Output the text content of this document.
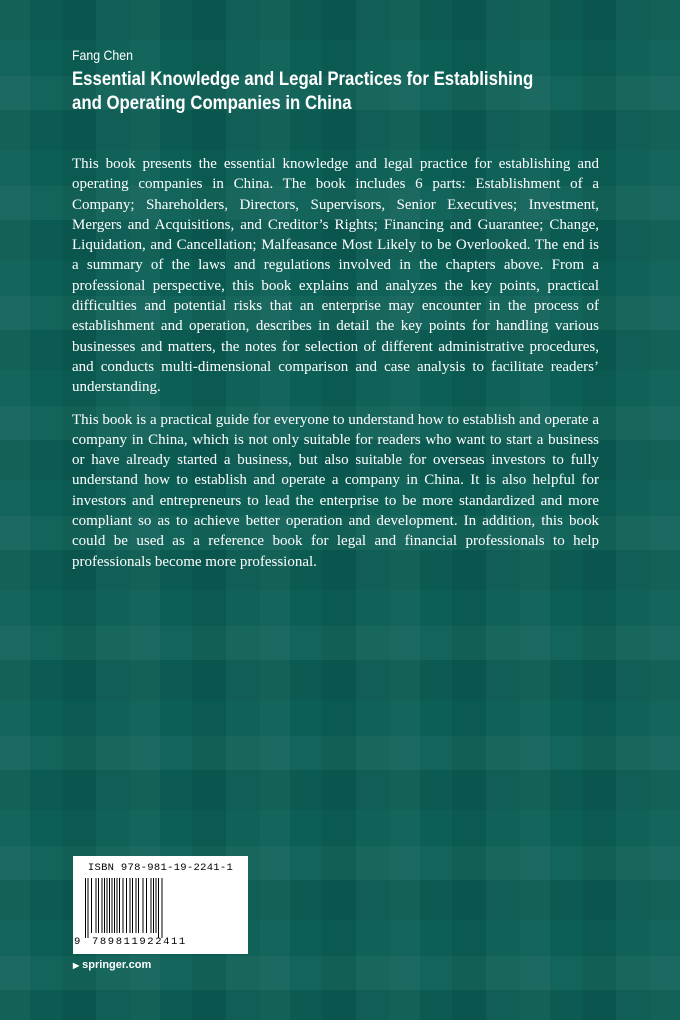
Fang Chen
Essential Knowledge and Legal Practices for Establishing and Operating Companies in China

This book presents the essential knowledge and legal practice for establishing and operating companies in China. The book includes 6 parts: Establishment of a Company; Shareholders, Directors, Supervisors, Senior Executives; Investment, Mergers and Acquisitions, and Creditor’s Rights; Financing and Guarantee; Change, Liquidation, and Cancellation; Malfeasance Most Likely to be Overlooked. The end is a summary of the laws and regulations involved in the chapters above. From a professional perspective, this book explains and analyzes the key points, practical difficulties and potential risks that an enterprise may encounter in the process of establishment and operation, describes in detail the key points for handling various businesses and matters, the notes for selection of different administrative procedures, and conducts multi-dimensional comparison and case analysis to facilitate readers’ understanding.

This book is a practical guide for everyone to understand how to establish and operate a company in China, which is not only suitable for readers who want to start a business or have already started a business, but also suitable for overseas investors to fully understand how to establish and operate a company in China. It is also helpful for investors and entrepreneurs to lead the enterprise to be more standardized and more compliant so as to achieve better operation and development. In addition, this book could be used as a reference book for legal and financial professionals to help professionals become more professional.

ISBN 978-981-19-2241-1
9 789811922411
▶ springer.com
